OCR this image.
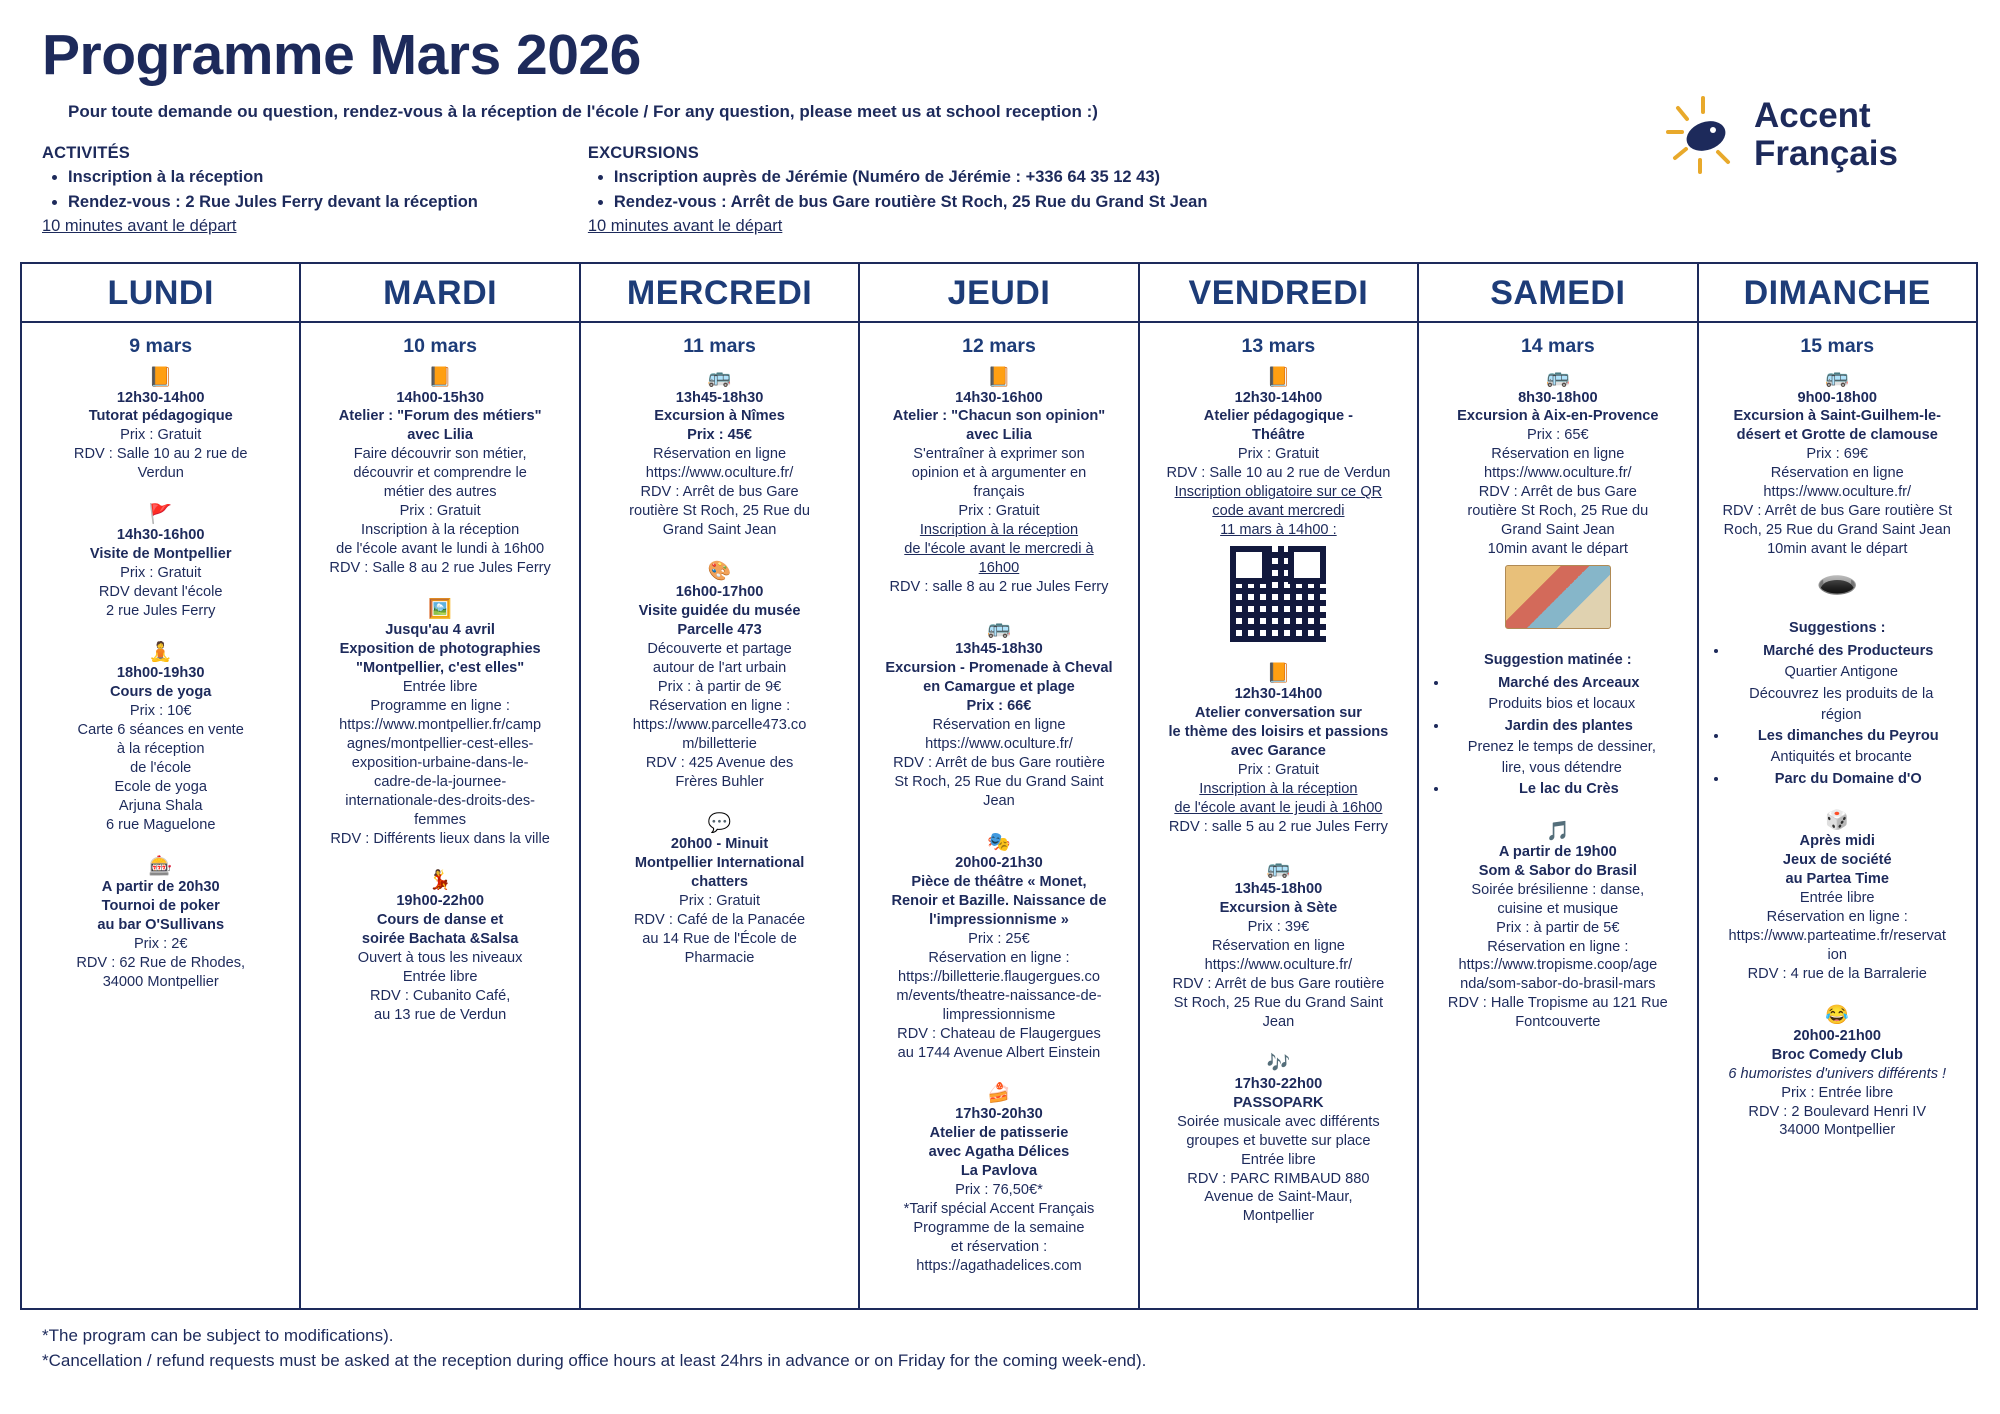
Programme Mars 2026
Pour toute demande ou question, rendez-vous à la réception de l'école / For any question, please meet us at school reception :)	Accent
Français
ACTIVITÉS
• Inscription à la réception
• Rendez-vous : 2 Rue Jules Ferry devant la réception
10 minutes avant le départ
EXCURSIONS
• Inscription auprès de Jérémie (Numéro de Jérémie : +336 64 35 12 43)
• Rendez-vous : Arrêt de bus Gare routière St Roch, 25 Rue du Grand St Jean
10 minutes avant le départ
LUNDI
9 mars
📙
12h30-14h00
Tutorat pédagogique
Prix : Gratuit
RDV : Salle 10 au 2 rue de
Verdun
🚩
14h30-16h00
Visite de Montpellier
Prix : Gratuit
RDV devant l'école
2 rue Jules Ferry
🧘
18h00-19h30
Cours de yoga
Prix : 10€
Carte 6 séances en vente
à la réception
de l'école
Ecole de yoga
Arjuna Shala
6 rue Maguelone
🎰
A partir de 20h30
Tournoi de poker
au bar O'Sullivans
Prix : 2€
RDV : 62 Rue de Rhodes,
34000 Montpellier
MARDI
10 mars
📙
14h00-15h30
Atelier : "Forum des métiers"
avec Lilia
Faire découvrir son métier,
découvrir et comprendre le
métier des autres
Prix : Gratuit
Inscription à la réception
de l'école avant le lundi à 16h00
RDV : Salle 8 au 2 rue Jules Ferry
🖼️
Jusqu'au 4 avril
Exposition de photographies
"Montpellier, c'est elles"
Entrée libre
Programme en ligne :
https://www.montpellier.fr/camp
agnes/montpellier-cest-elles-
exposition-urbaine-dans-le-
cadre-de-la-journee-
internationale-des-droits-des-
femmes
RDV : Différents lieux dans la ville
💃
19h00-22h00
Cours de danse et
soirée Bachata &Salsa
Ouvert à tous les niveaux
Entrée libre
RDV : Cubanito Café,
au 13 rue de Verdun
MERCREDI
11 mars
🚌
13h45-18h30
Excursion à Nîmes
Prix : 45€
Réservation en ligne
https://www.oculture.fr/
RDV : Arrêt de bus Gare
routière St Roch, 25 Rue du
Grand Saint Jean
🎨
16h00-17h00
Visite guidée du musée
Parcelle 473
Découverte et partage
autour de l'art urbain
Prix : à partir de 9€
Réservation en ligne :
https://www.parcelle473.co
m/billetterie
RDV : 425 Avenue des
Frères Buhler
💬
20h00 - Minuit
Montpellier International
chatters
Prix : Gratuit
RDV : Café de la Panacée
au 14 Rue de l'École de
Pharmacie
JEUDI
12 mars
📙
14h30-16h00
Atelier : "Chacun son opinion"
avec Lilia
S'entraîner à exprimer son
opinion et à argumenter en
français
Prix : Gratuit
Inscription à la réception
de l'école avant le mercredi à
16h00
RDV : salle 8 au 2 rue Jules Ferry
🚌
13h45-18h30
Excursion - Promenade à Cheval
en Camargue et plage
Prix : 66€
Réservation en ligne
https://www.oculture.fr/
RDV : Arrêt de bus Gare routière
St Roch, 25 Rue du Grand Saint
Jean
🎭
20h00-21h30
Pièce de théâtre « Monet,
Renoir et Bazille. Naissance de
l'impressionnisme »
Prix : 25€
Réservation en ligne :
https://billetterie.flaugergues.co
m/events/theatre-naissance-de-
limpressionnisme
RDV : Chateau de Flaugergues
au 1744 Avenue Albert Einstein
🍰
17h30-20h30
Atelier de patisserie
avec Agatha Délices
La Pavlova
Prix : 76,50€*
*Tarif spécial Accent Français
Programme de la semaine
et réservation :
https://agathadelices.com
VENDREDI
13 mars
📙
12h30-14h00
Atelier pédagogique -
Théâtre
Prix : Gratuit
RDV : Salle 10 au 2 rue de Verdun
Inscription obligatoire sur ce QR
code avant mercredi
11 mars à 14h00 :
📙
12h30-14h00
Atelier conversation sur
le thème des loisirs et passions
avec Garance
Prix : Gratuit
Inscription à la réception
de l'école avant le jeudi à 16h00
RDV : salle 5 au 2 rue Jules Ferry
🚌
13h45-18h00
Excursion à Sète
Prix : 39€
Réservation en ligne
https://www.oculture.fr/
RDV : Arrêt de bus Gare routière
St Roch, 25 Rue du Grand Saint
Jean
🎶
17h30-22h00
PASSOPARK
Soirée musicale avec différents
groupes et buvette sur place
Entrée libre
RDV : PARC RIMBAUD 880
Avenue de Saint-Maur,
Montpellier
SAMEDI
14 mars
🚌
8h30-18h00
Excursion à Aix-en-Provence
Prix : 65€
Réservation en ligne
https://www.oculture.fr/
RDV : Arrêt de bus Gare
routière St Roch, 25 Rue du
Grand Saint Jean
10min avant le départ
Suggestion matinée :
• Marché des Arceaux
Produits bios et locaux
• Jardin des plantes
Prenez le temps de dessiner,
lire, vous détendre
• Le lac du Crès
🎵
A partir de 19h00
Som & Sabor do Brasil
Soirée brésilienne : danse,
cuisine et musique
Prix : à partir de 5€
Réservation en ligne :
https://www.tropisme.coop/age
nda/som-sabor-do-brasil-mars
RDV : Halle Tropisme au 121 Rue
Fontcouverte
DIMANCHE
15 mars
🚌
9h00-18h00
Excursion à Saint-Guilhem-le-
désert et Grotte de clamouse
Prix : 69€
Réservation en ligne
https://www.oculture.fr/
RDV : Arrêt de bus Gare routière St
Roch, 25 Rue du Grand Saint Jean
10min avant le départ
🕳️
Suggestions :
• Marché des Producteurs
Quartier Antigone
Découvrez les produits de la
région
• Les dimanches du Peyrou
Antiquités et brocante
• Parc du Domaine d'O
🎲
Après midi
Jeux de société
au Partea Time
Entrée libre
Réservation en ligne :
https://www.parteatime.fr/reservat
ion
RDV : 4 rue de la Barralerie
😂
20h00-21h00
Broc Comedy Club
6 humoristes d'univers différents !
Prix : Entrée libre
RDV : 2 Boulevard Henri IV
34000 Montpellier
*The program can be subject to modifications).
*Cancellation / refund requests must be asked at the reception during office hours at least 24hrs in advance or on Friday for the coming week-end).
